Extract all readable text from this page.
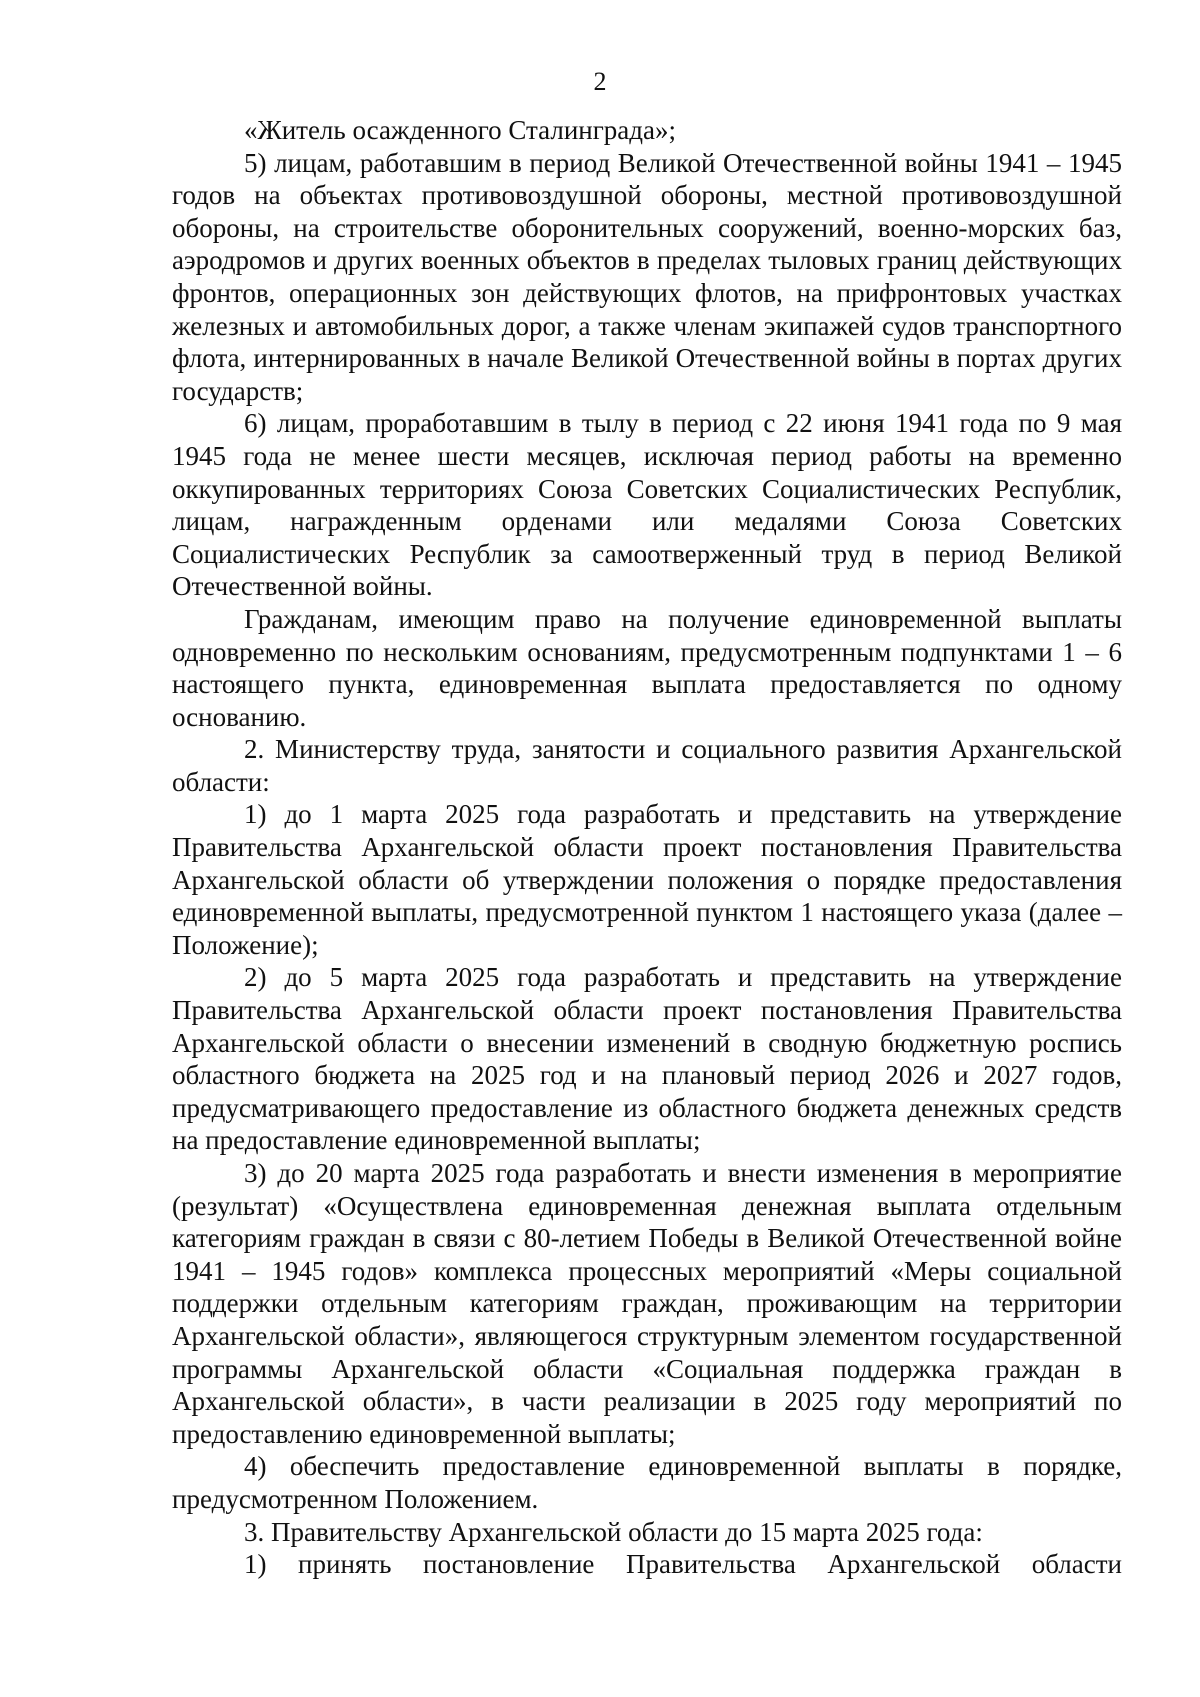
2

«Житель осажденного Сталинграда»;

5) лицам, работавшим в период Великой Отечественной войны 1941 – 1945 годов на объектах противовоздушной обороны, местной противовоздушной обороны, на строительстве оборонительных сооружений, военно-морских баз, аэродромов и других военных объектов в пределах тыловых границ действующих фронтов, операционных зон действующих флотов, на прифронтовых участках железных и автомобильных дорог, а также членам экипажей судов транспортного флота, интернированных в начале Великой Отечественной войны в портах других государств;

6) лицам, проработавшим в тылу в период с 22 июня 1941 года по 9 мая 1945 года не менее шести месяцев, исключая период работы на временно оккупированных территориях Союза Советских Социалистических Республик, лицам, награжденным орденами или медалями Союза Советских Социалистических Республик за самоотверженный труд в период Великой Отечественной войны.

Гражданам, имеющим право на получение единовременной выплаты одновременно по нескольким основаниям, предусмотренным подпунктами 1 – 6 настоящего пункта, единовременная выплата предоставляется по одному основанию.

2. Министерству труда, занятости и социального развития Архангельской области:

1) до 1 марта 2025 года разработать и представить на утверждение Правительства Архангельской области проект постановления Правительства Архангельской области об утверждении положения о порядке предоставления единовременной выплаты, предусмотренной пунктом 1 настоящего указа (далее – Положение);

2) до 5 марта 2025 года разработать и представить на утверждение Правительства Архангельской области проект постановления Правительства Архангельской области о внесении изменений в сводную бюджетную роспись областного бюджета на 2025 год и на плановый период 2026 и 2027 годов, предусматривающего предоставление из областного бюджета денежных средств на предоставление единовременной выплаты;

3) до 20 марта 2025 года разработать и внести изменения в мероприятие (результат) «Осуществлена единовременная денежная выплата отдельным категориям граждан в связи с 80-летием Победы в Великой Отечественной войне 1941 – 1945 годов» комплекса процессных мероприятий «Меры социальной поддержки отдельным категориям граждан, проживающим на территории Архангельской области», являющегося структурным элементом государственной программы Архангельской области «Социальная поддержка граждан в Архангельской области», в части реализации в 2025 году мероприятий по предоставлению единовременной выплаты;

4) обеспечить предоставление единовременной выплаты в порядке, предусмотренном Положением.

3. Правительству Архангельской области до 15 марта 2025 года:

1) принять постановление Правительства Архангельской области
